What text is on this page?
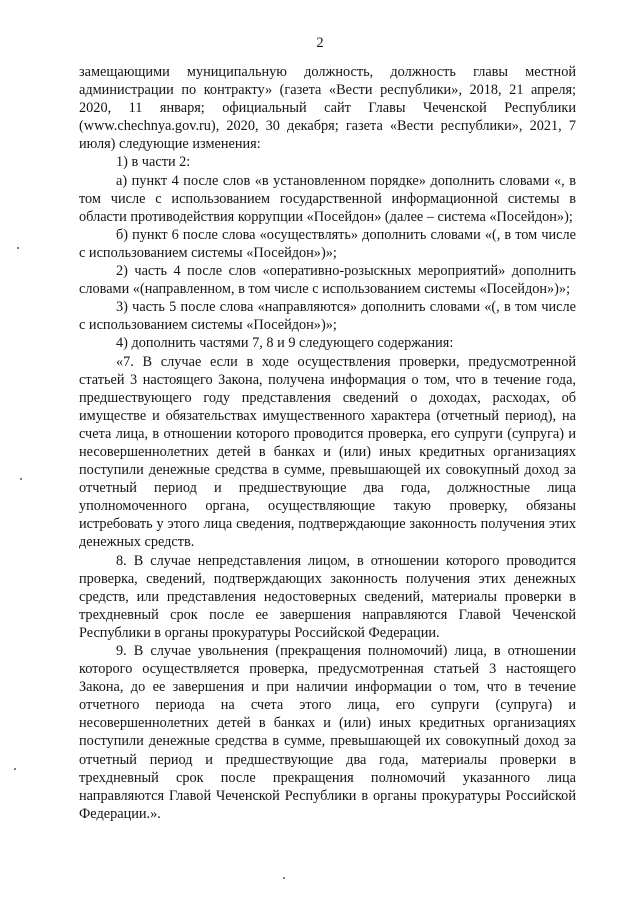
2

замещающими муниципальную должность, должность главы местной администрации по контракту» (газета «Вести республики», 2018, 21 апреля; 2020, 11 января; официальный сайт Главы Чеченской Республики (www.chechnya.gov.ru), 2020, 30 декабря; газета «Вести республики», 2021, 7 июля) следующие изменения:

1) в части 2:

а) пункт 4 после слов «в установленном порядке» дополнить словами «, в том числе с использованием государственной информационной системы в области противодействия коррупции «Посейдон» (далее – система «Посейдон»);

б) пункт 6 после слова «осуществлять» дополнить словами «(, в том числе с использованием системы «Посейдон»)»;

2) часть 4 после слов «оперативно-розыскных мероприятий» дополнить словами «(направленном, в том числе с использованием системы «Посейдон»)»;

3) часть 5 после слова «направляются» дополнить словами «(, в том числе с использованием системы «Посейдон»)»;

4) дополнить частями 7, 8 и 9 следующего содержания:

«7. В случае если в ходе осуществления проверки, предусмотренной статьей 3 настоящего Закона, получена информация о том, что в течение года, предшествующего году представления сведений о доходах, расходах, об имуществе и обязательствах имущественного характера (отчетный период), на счета лица, в отношении которого проводится проверка, его супруги (супруга) и несовершеннолетних детей в банках и (или) иных кредитных организациях поступили денежные средства в сумме, превышающей их совокупный доход за отчетный период и предшествующие два года, должностные лица уполномоченного органа, осуществляющие такую проверку, обязаны истребовать у этого лица сведения, подтверждающие законность получения этих денежных средств.

8. В случае непредставления лицом, в отношении которого проводится проверка, сведений, подтверждающих законность получения этих денежных средств, или представления недостоверных сведений, материалы проверки в трехдневный срок после ее завершения направляются Главой Чеченской Республики в органы прокуратуры Российской Федерации.

9. В случае увольнения (прекращения полномочий) лица, в отношении которого осуществляется проверка, предусмотренная статьей 3 настоящего Закона, до ее завершения и при наличии информации о том, что в течение отчетного периода на счета этого лица, его супруги (супруга) и несовершеннолетних детей в банках и (или) иных кредитных организациях поступили денежные средства в сумме, превышающей их совокупный доход за отчетный период и предшествующие два года, материалы проверки в трехдневный срок после прекращения полномочий указанного лица направляются Главой Чеченской Республики в органы прокуратуры Российской Федерации.».
